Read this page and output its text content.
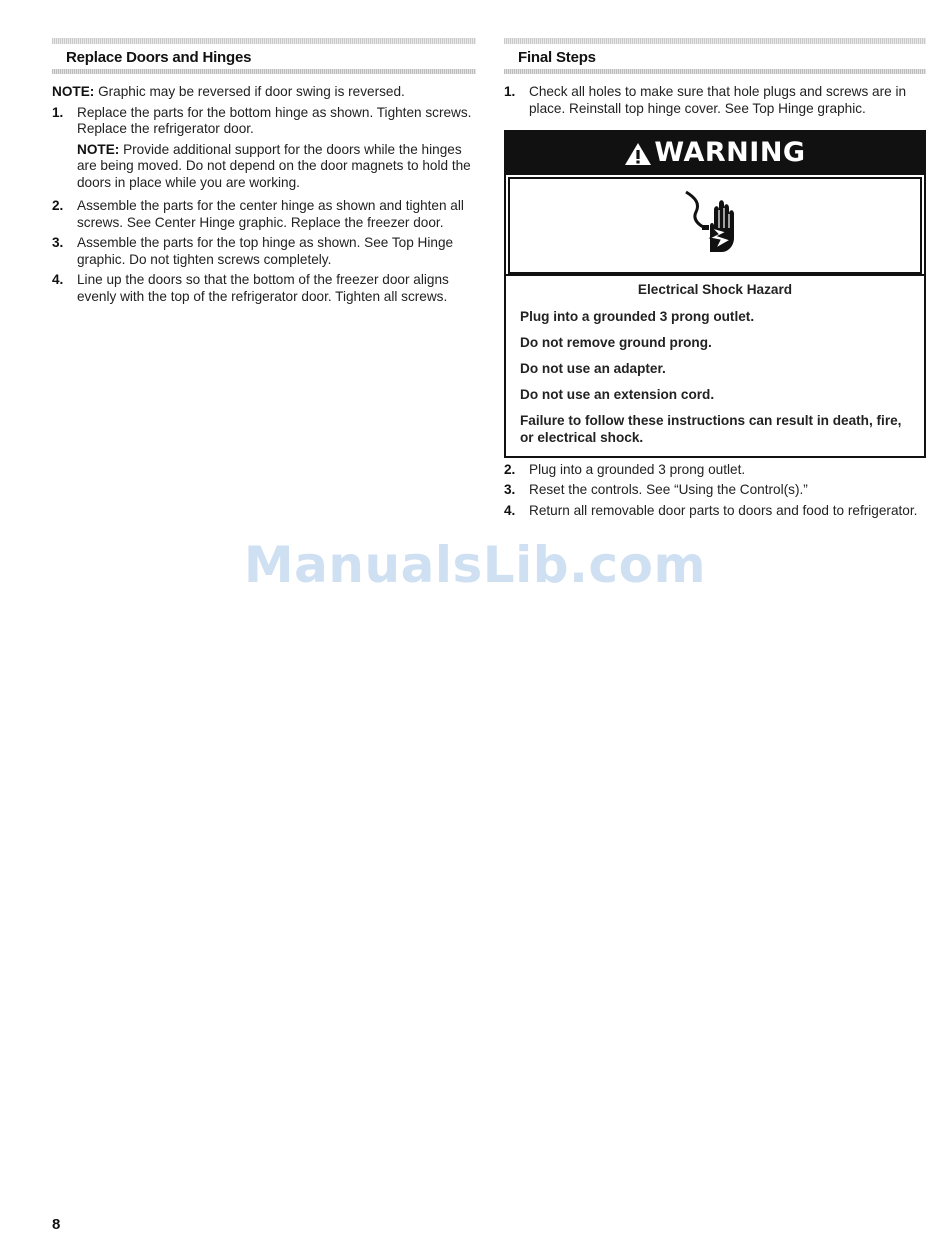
Replace Doors and Hinges
NOTE: Graphic may be reversed if door swing is reversed.
1. Replace the parts for the bottom hinge as shown. Tighten screws. Replace the refrigerator door.
NOTE: Provide additional support for the doors while the hinges are being moved. Do not depend on the door magnets to hold the doors in place while you are working.
2. Assemble the parts for the center hinge as shown and tighten all screws. See Center Hinge graphic. Replace the freezer door.
3. Assemble the parts for the top hinge as shown. See Top Hinge graphic. Do not tighten screws completely.
4. Line up the doors so that the bottom of the freezer door aligns evenly with the top of the refrigerator door. Tighten all screws.
Final Steps
1. Check all holes to make sure that hole plugs and screws are in place. Reinstall top hinge cover. See Top Hinge graphic.
WARNING
Electrical Shock Hazard
Plug into a grounded 3 prong outlet.
Do not remove ground prong.
Do not use an adapter.
Do not use an extension cord.
Failure to follow these instructions can result in death, fire, or electrical shock.
2. Plug into a grounded 3 prong outlet.
3. Reset the controls. See “Using the Control(s).”
4. Return all removable door parts to doors and food to refrigerator.
ManualsLib.com
8
